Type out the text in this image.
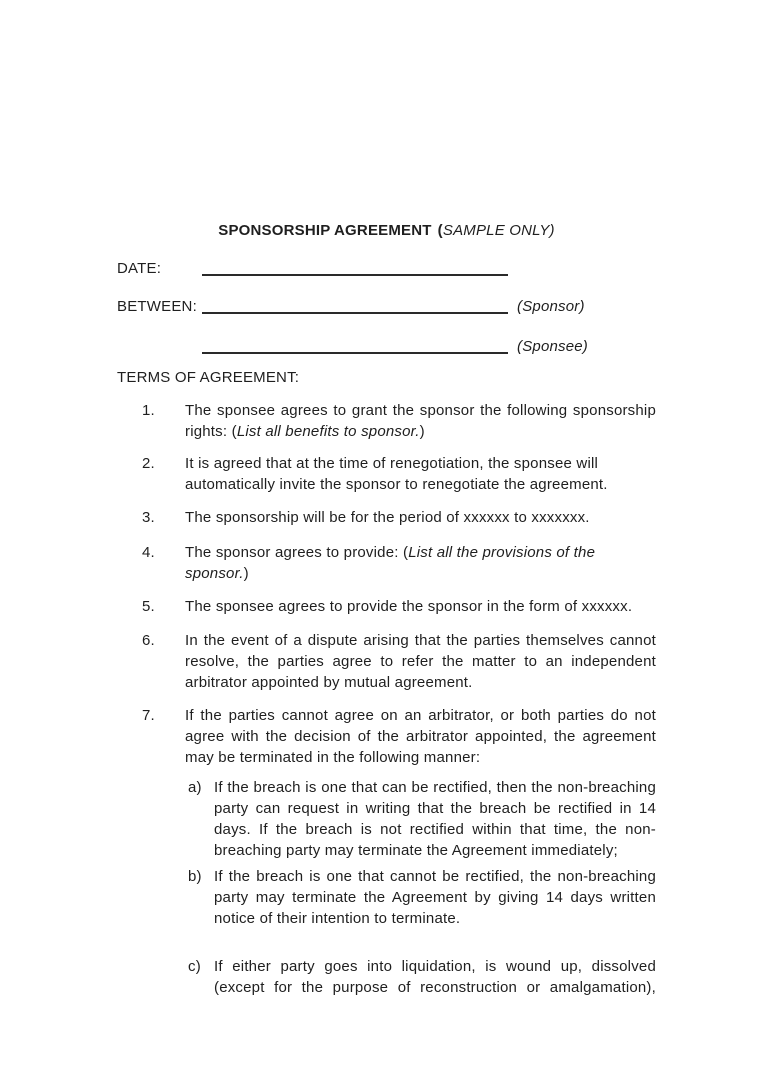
SPONSORSHIP AGREEMENT (SAMPLE ONLY)
DATE:
BETWEEN:	(Sponsor)
(Sponsee)
TERMS OF AGREEMENT:
1.	The sponsee agrees to grant the sponsor the following sponsorship rights: (List all benefits to sponsor.)
2.	It is agreed that at the time of renegotiation, the sponsee will automatically invite the sponsor to renegotiate the agreement.
3.	The sponsorship will be for the period of xxxxxx to xxxxxxx.
4.	The sponsor agrees to provide: (List all the provisions of the sponsor.)
5.	The sponsee agrees to provide the sponsor in the form of xxxxxx.
6.	In the event of a dispute arising that the parties themselves cannot resolve, the parties agree to refer the matter to an independent arbitrator appointed by mutual agreement.
7.	If the parties cannot agree on an arbitrator, or both parties do not agree with the decision of the arbitrator appointed, the agreement may be terminated in the following manner:
a) If the breach is one that can be rectified, then the non-breaching party can request in writing that the breach be rectified in 14 days. If the breach is not rectified within that time, the non-breaching party may terminate the Agreement immediately;
b) If the breach is one that cannot be rectified, the non-breaching party may terminate the Agreement by giving 14 days written notice of their intention to terminate.
c) If either party goes into liquidation, is wound up, dissolved (except for the purpose of reconstruction or amalgamation),
